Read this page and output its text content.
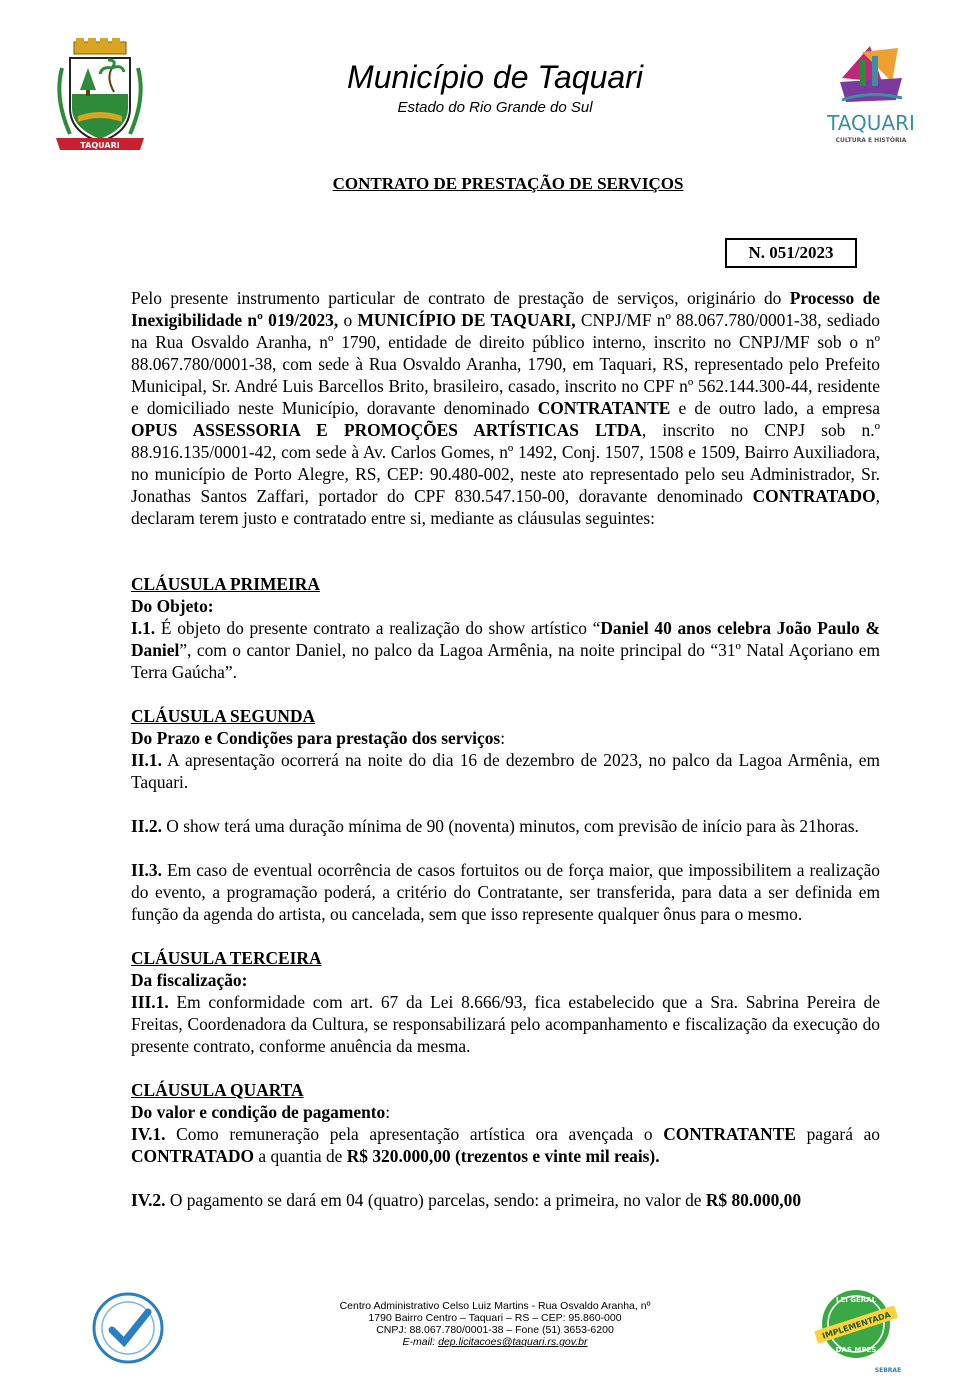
TAQUARI
Município de Taquari
Estado do Rio Grande do Sul
TAQUARI
CULTURA E HISTÓRIA
CONTRATO DE PRESTAÇÃO DE SERVIÇOS
N. 051/2023

Pelo presente instrumento particular de contrato de prestação de serviços, originário do Processo de Inexigibilidade nº 019/2023, o MUNICÍPIO DE TAQUARI, CNPJ/MF nº 88.067.780/0001-38, sediado na Rua Osvaldo Aranha, nº 1790, entidade de direito público interno, inscrito no CNPJ/MF sob o nº 88.067.780/0001-38, com sede à Rua Osvaldo Aranha, 1790, em Taquari, RS, representado pelo Prefeito Municipal, Sr. André Luis Barcellos Brito, brasileiro, casado, inscrito no CPF nº 562.144.300-44, residente e domiciliado neste Município, doravante denominado CONTRATANTE e de outro lado, a empresa OPUS ASSESSORIA E PROMOÇÕES ARTÍSTICAS LTDA, inscrito no CNPJ sob n.º 88.916.135/0001-42, com sede à Av. Carlos Gomes, nº 1492, Conj. 1507, 1508 e 1509, Bairro Auxiliadora, no município de Porto Alegre, RS, CEP: 90.480-002, neste ato representado pelo seu Administrador, Sr. Jonathas Santos Zaffari, portador do CPF 830.547.150-00, doravante denominado CONTRATADO, declaram terem justo e contratado entre si, mediante as cláusulas seguintes:

CLÁUSULA PRIMEIRA

Do Objeto:

I.1. É objeto do presente contrato a realização do show artístico “Daniel 40 anos celebra João Paulo & Daniel”, com o cantor Daniel, no palco da Lagoa Armênia, na noite principal do “31º Natal Açoriano em Terra Gaúcha”.

CLÁUSULA SEGUNDA

Do Prazo e Condições para prestação dos serviços:

II.1. A apresentação ocorrerá na noite do dia 16 de dezembro de 2023, no palco da Lagoa Armênia, em Taquari.

II.2. O show terá uma duração mínima de 90 (noventa) minutos, com previsão de início para às 21horas.

II.3. Em caso de eventual ocorrência de casos fortuitos ou de força maior, que impossibilitem a realização do evento, a programação poderá, a critério do Contratante, ser transferida, para data a ser definida em função da agenda do artista, ou cancelada, sem que isso represente qualquer ônus para o mesmo.

CLÁUSULA TERCEIRA

Da fiscalização:

III.1. Em conformidade com art. 67 da Lei 8.666/93, fica estabelecido que a Sra. Sabrina Pereira de Freitas, Coordenadora da Cultura, se responsabilizará pelo acompanhamento e fiscalização da execução do presente contrato, conforme anuência da mesma.

CLÁUSULA QUARTA

Do valor e condição de pagamento:

IV.1. Como remuneração pela apresentação artística ora avençada o CONTRATANTE pagará ao CONTRATADO a quantia de R$ 320.000,00 (trezentos e vinte mil reais).

IV.2. O pagamento se dará em 04 (quatro) parcelas, sendo: a primeira, no valor de R$ 80.000,00

Centro Administrativo Celso Luiz Martins - Rua Osvaldo Aranha, nº
1790 Bairro Centro – Taquari – RS – CEP: 95.860-000
CNPJ: 88.067.780/0001-38 – Fone (51) 3653-6200
E-mail: dep.licitacoes@taquari.rs.gov.br
LEI GERAL
IMPLEMENTADA
DAS MPES
SEBRAE
